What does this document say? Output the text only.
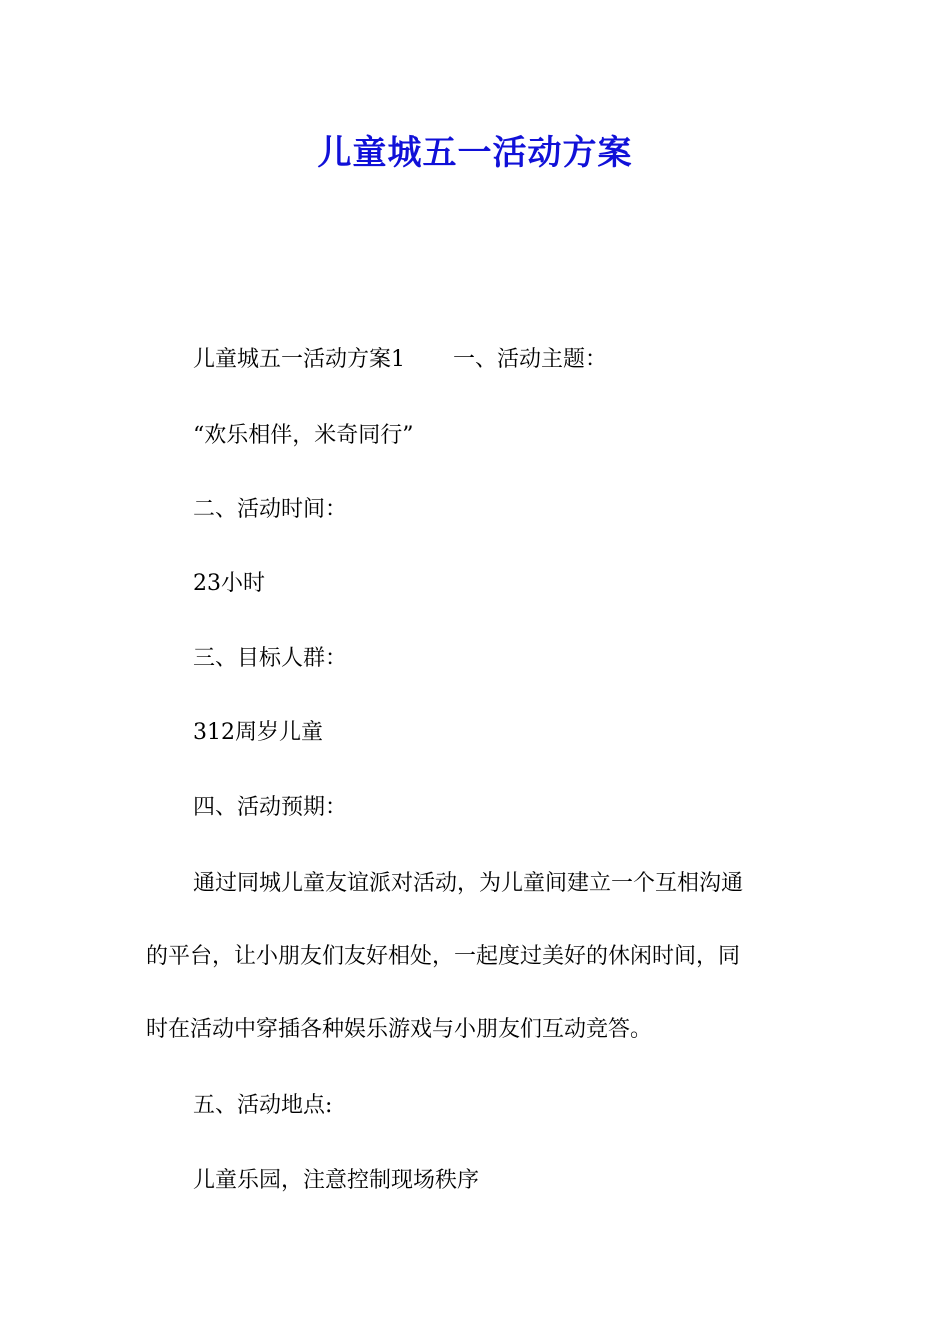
儿童城五一活动方案
儿童城五一活动方案1 一、活动主题：
“欢乐相伴，米奇同行”
二、活动时间：
23小时
三、目标人群：
312周岁儿童
四、活动预期：
通过同城儿童友谊派对活动，为儿童间建立一个互相沟通
的平台，让小朋友们友好相处，一起度过美好的休闲时间，同
时在活动中穿插各种娱乐游戏与小朋友们互动竞答。
五、活动地点:
儿童乐园，注意控制现场秩序
